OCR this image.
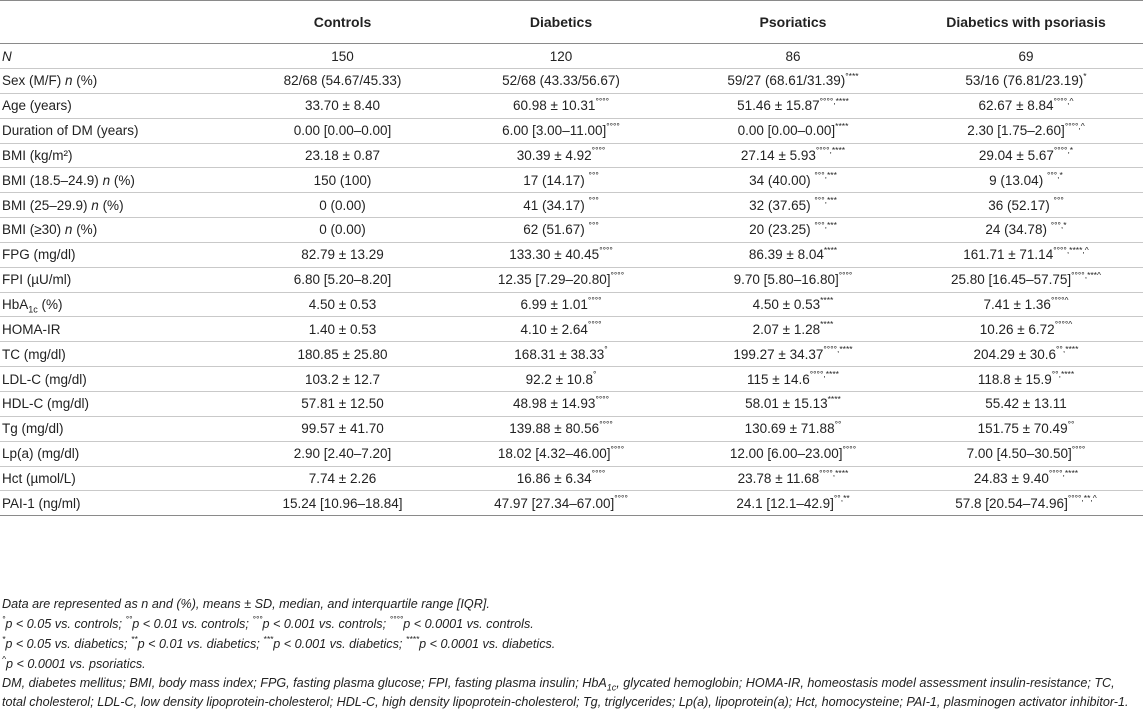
	Controls	Diabetics	Psoriatics	Diabetics with psoriasis
N	150	120	86	69
Sex (M/F) n (%)	82/68 (54.67/45.33)	52/68 (43.33/56.67)	59/27 (68.61/31.39)°***	53/16 (76.81/23.19)*
Age (years)	33.70 ± 8.40	60.98 ± 10.31°°°°	51.46 ± 15.87°°°°,****	62.67 ± 8.84°°°°,^
Duration of DM (years)	0.00 [0.00–0.00]	6.00 [3.00–11.00]°°°°	0.00 [0.00–0.00]****	2.30 [1.75–2.60]°°°°,^
BMI (kg/m²)	23.18 ± 0.87	30.39 ± 4.92°°°°	27.14 ± 5.93°°°°,****	29.04 ± 5.67°°°°,*
BMI (18.5–24.9) n (%)	150 (100)	17 (14.17) °°°	34 (40.00) °°°,***	9 (13.04) °°°,*
BMI (25–29.9) n (%)	0 (0.00)	41 (34.17) °°°	32 (37.65) °°°,***	36 (52.17) °°°
BMI (≥30) n (%)	0 (0.00)	62 (51.67) °°°	20 (23.25) °°°,***	24 (34.78) °°°,*
FPG (mg/dl)	82.79 ± 13.29	133.30 ± 40.45°°°°	86.39 ± 8.04****	161.71 ± 71.14°°°°,****,^
FPI (µU/ml)	6.80 [5.20–8.20]	12.35 [7.29–20.80]°°°°	9.70 [5.80–16.80]°°°°	25.80 [16.45–57.75]°°°°,***^
HbA$_{1c}$ (%)	4.50 ± 0.53	6.99 ± 1.01°°°°	4.50 ± 0.53****	7.41 ± 1.36°°°°^
HOMA-IR	1.40 ± 0.53	4.10 ± 2.64°°°°	2.07 ± 1.28****	10.26 ± 6.72°°°°^
TC (mg/dl)	180.85 ± 25.80	168.31 ± 38.33°	199.27 ± 34.37°°°°,****	204.29 ± 30.6°°,****
LDL-C (mg/dl)	103.2 ± 12.7	92.2 ± 10.8°	115 ± 14.6°°°°,****	118.8 ± 15.9°°,****
HDL-C (mg/dl)	57.81 ± 12.50	48.98 ± 14.93°°°°	58.01 ± 15.13****	55.42 ± 13.11
Tg (mg/dl)	99.57 ± 41.70	139.88 ± 80.56°°°°	130.69 ± 71.88°°	151.75 ± 70.49°°
Lp(a) (mg/dl)	2.90 [2.40–7.20]	18.02 [4.32–46.00]°°°°	12.00 [6.00–23.00]°°°°	7.00 [4.50–30.50]°°°°
Hct (µmol/L)	7.74 ± 2.26	16.86 ± 6.34°°°°	23.78 ± 11.68°°°°,****	24.83 ± 9.40°°°°,****
PAI-1 (ng/ml)	15.24 [10.96–18.84]	47.97 [27.34–67.00]°°°°	24.1 [12.1–42.9]°°,**	57.8 [20.54–74.96]°°°°,**,^
Data are represented as n and (%), means ± SD, median, and interquartile range [IQR].
°p < 0.05 vs. controls; °°p < 0.01 vs. controls; °°°p < 0.001 vs. controls; °°°°p < 0.0001 vs. controls.
*p < 0.05 vs. diabetics; **p < 0.01 vs. diabetics; ***p < 0.001 vs. diabetics; ****p < 0.0001 vs. diabetics.
^p < 0.0001 vs. psoriatics.
DM, diabetes mellitus; BMI, body mass index; FPG, fasting plasma glucose; FPI, fasting plasma insulin; HbA$_{1c}$, glycated hemoglobin; HOMA-IR, homeostasis model assessment insulin-resistance; TC, total cholesterol; LDL-C, low density lipoprotein-cholesterol; HDL-C, high density lipoprotein-cholesterol; Tg, triglycerides; Lp(a), lipoprotein(a); Hct, homocysteine; PAI-1, plasminogen activator inhibitor-1.
